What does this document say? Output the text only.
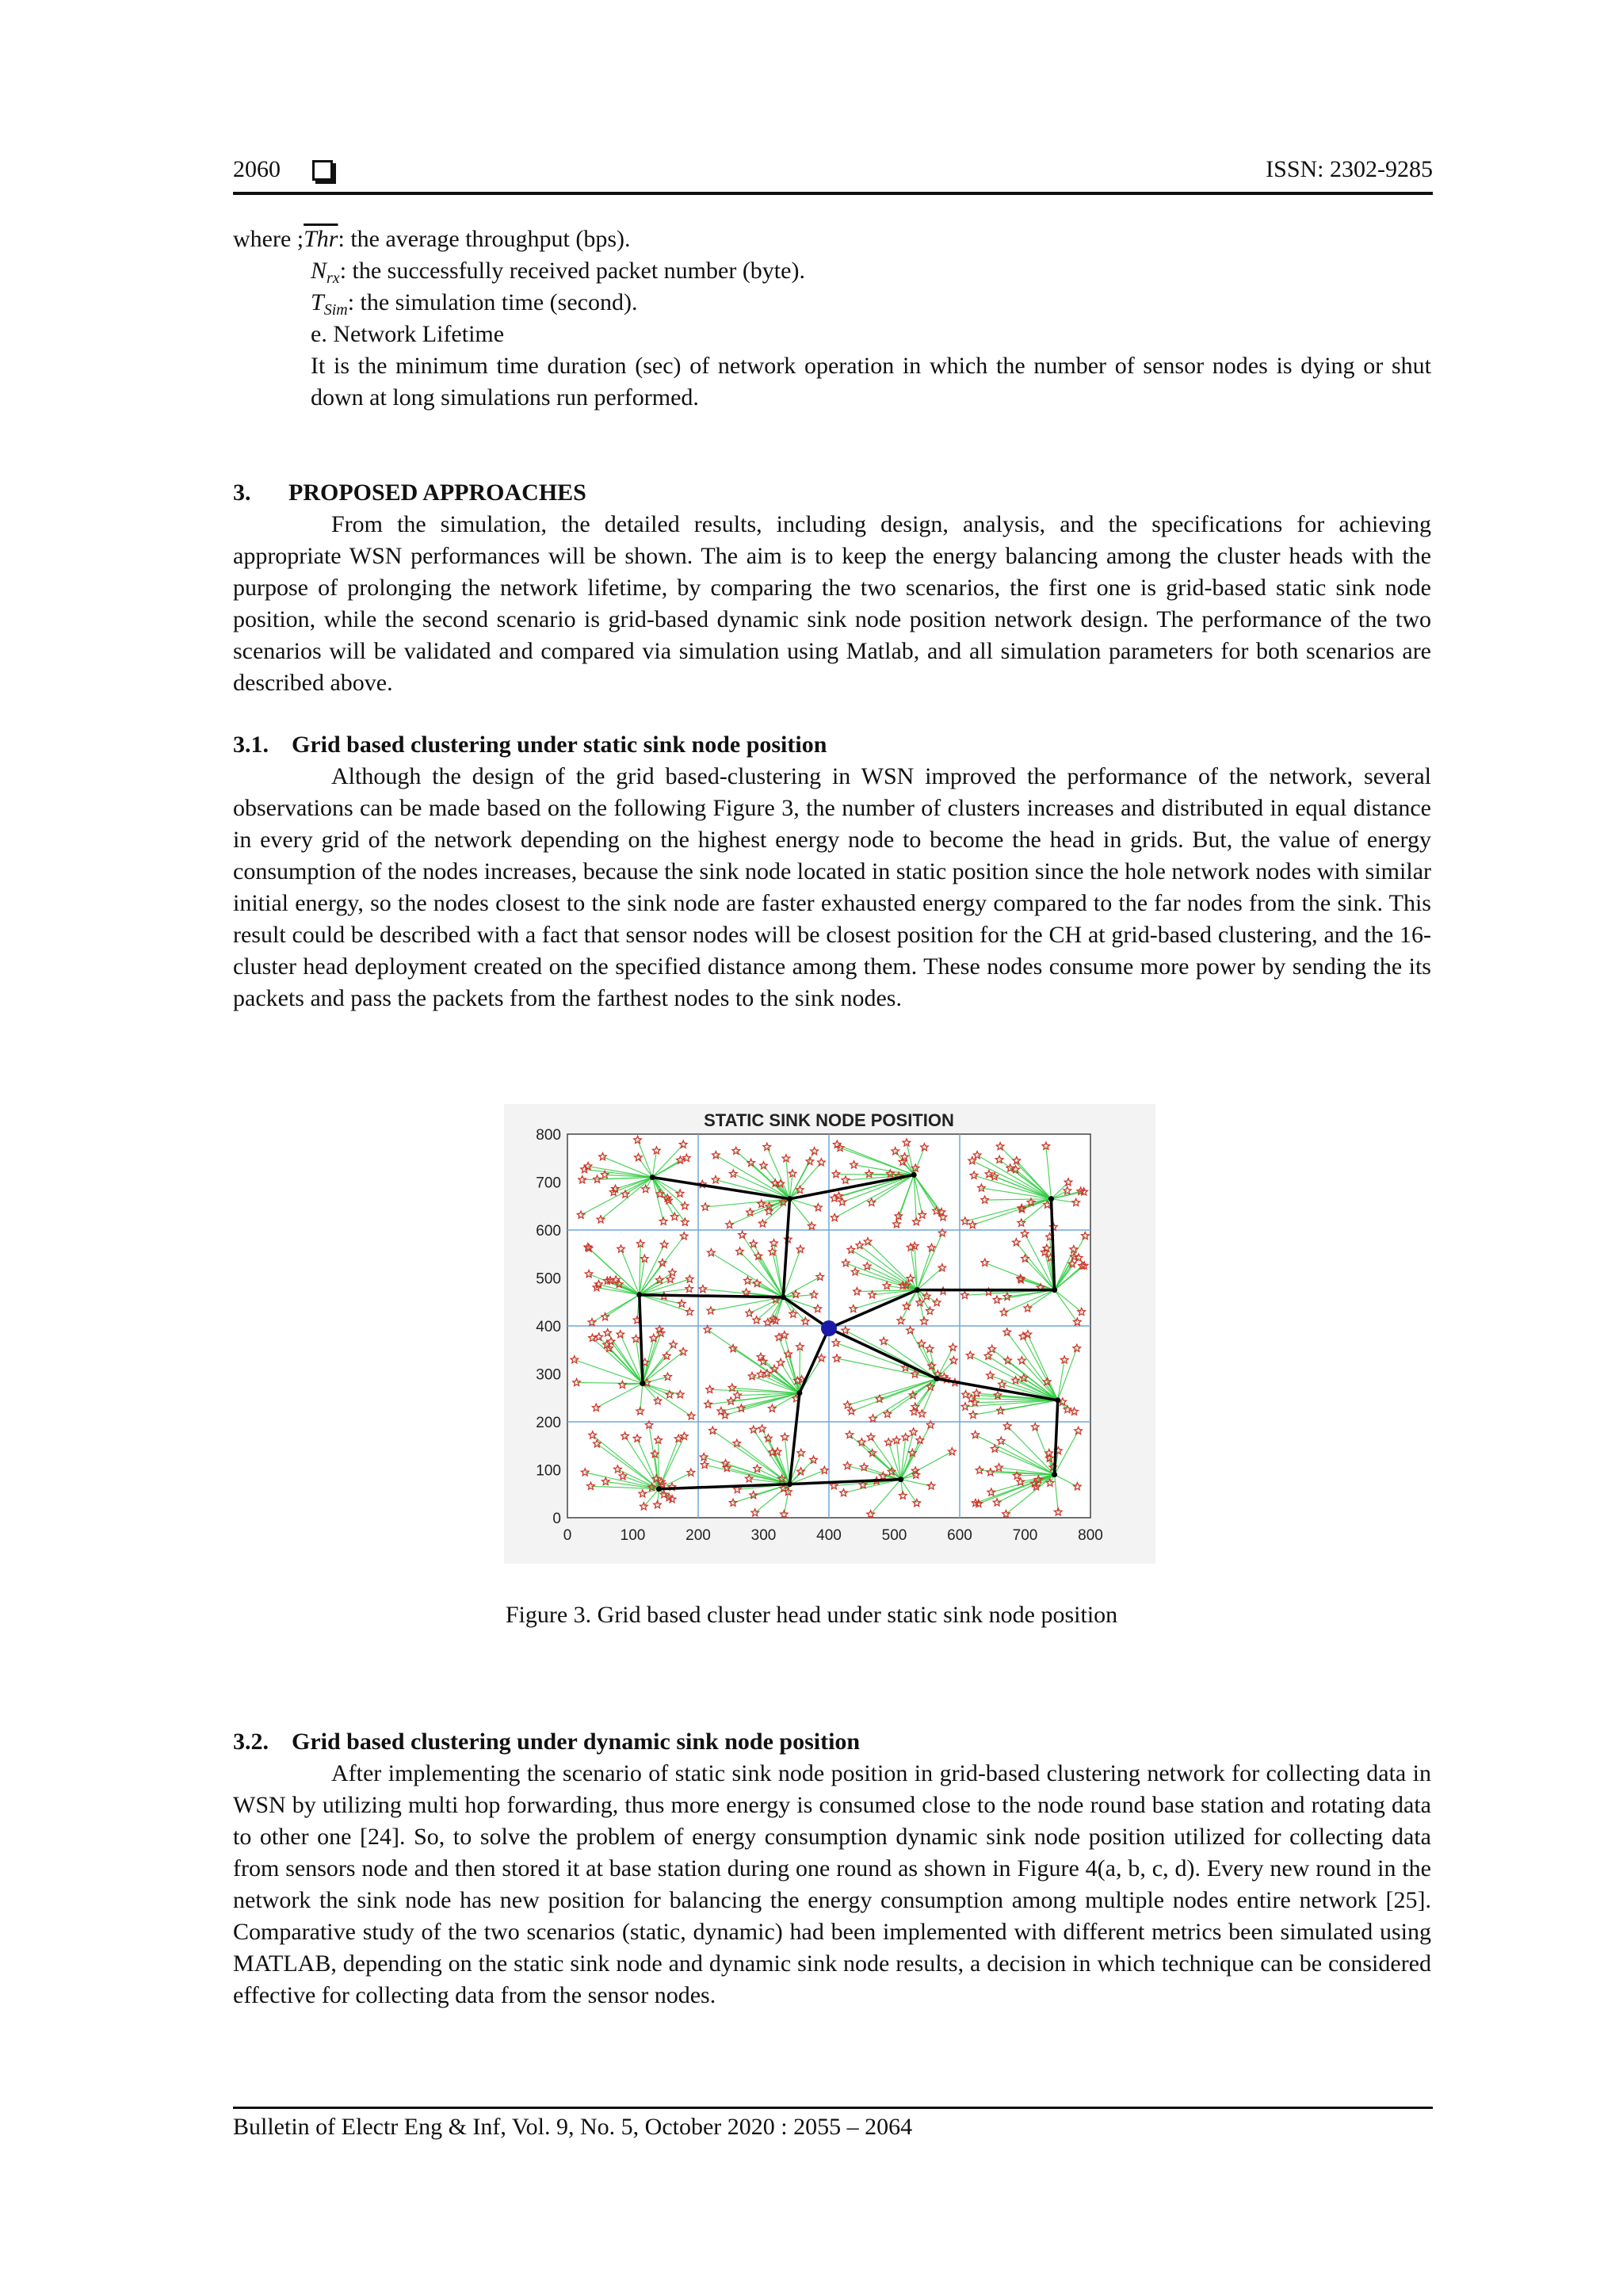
2060	ISSN: 2302-9285
where $;\overline{Thr}$: the average throughput (bps).
$N_{rx}$: the successfully received packet number (byte).
$T_{Sim}$: the simulation time (second).
e. Network Lifetime
It is the minimum time duration (sec) of network operation in which the number of sensor nodes is dying or shut down at long simulations run performed.
3. PROPOSED APPROACHES
From the simulation, the detailed results, including design, analysis, and the specifications for achieving appropriate WSN performances will be shown. The aim is to keep the energy balancing among the cluster heads with the purpose of prolonging the network lifetime, by comparing the two scenarios, the first one is grid-based static sink node position, while the second scenario is grid-based dynamic sink node position network design. The performance of the two scenarios will be validated and compared via simulation using Matlab, and all simulation parameters for both scenarios are described above.
3.1. Grid based clustering under static sink node position
Although the design of the grid based-clustering in WSN improved the performance of the network, several observations can be made based on the following Figure 3, the number of clusters increases and distributed in equal distance in every grid of the network depending on the highest energy node to become the head in grids. But, the value of energy consumption of the nodes increases, because the sink node located in static position since the hole network nodes with similar initial energy, so the nodes closest to the sink node are faster exhausted energy compared to the far nodes from the sink. This result could be described with a fact that sensor nodes will be closest position for the CH at grid-based clustering, and the 16-cluster head deployment created on the specified distance among them. These nodes consume more power by sending the its packets and pass the packets from the farthest nodes to the sink nodes.
STATIC SINK NODE POSITION
0	100	200	300	400	500	600	700	800
0
100
200
300
400
500
600
700
800
Figure 3. Grid based cluster head under static sink node position
3.2. Grid based clustering under dynamic sink node position
After implementing the scenario of static sink node position in grid-based clustering network for collecting data in WSN by utilizing multi hop forwarding, thus more energy is consumed close to the node round base station and rotating data to other one [24]. So, to solve the problem of energy consumption dynamic sink node position utilized for collecting data from sensors node and then stored it at base station during one round as shown in Figure 4(a, b, c, d). Every new round in the network the sink node has new position for balancing the energy consumption among multiple nodes entire network [25]. Comparative study of the two scenarios (static, dynamic) had been implemented with different metrics been simulated using MATLAB, depending on the static sink node and dynamic sink node results, a decision in which technique can be considered effective for collecting data from the sensor nodes.
Bulletin of Electr Eng & Inf, Vol. 9, No. 5, October 2020 : 2055 – 2064
